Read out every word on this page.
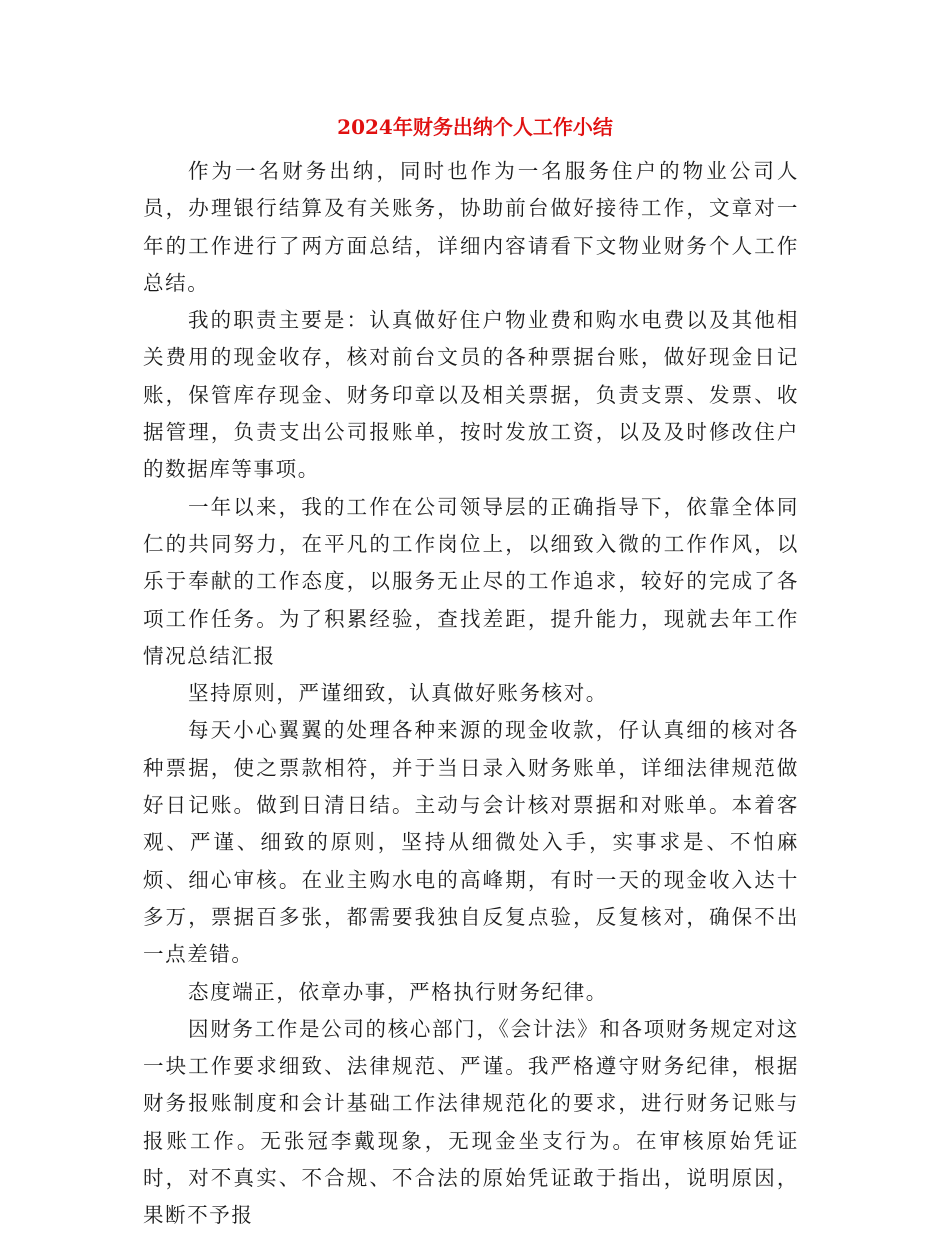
2024年财务出纳个人工作小结

作为一名财务出纳，同时也作为一名服务住户的物业公司人员，办理银行结算及有关账务，协助前台做好接待工作，文章对一年的工作进行了两方面总结，详细内容请看下文物业财务个人工作总结。

我的职责主要是：认真做好住户物业费和购水电费以及其他相关费用的现金收存，核对前台文员的各种票据台账，做好现金日记账，保管库存现金、财务印章以及相关票据，负责支票、发票、收据管理，负责支出公司报账单，按时发放工资，以及及时修改住户的数据库等事项。

一年以来，我的工作在公司领导层的正确指导下，依靠全体同仁的共同努力，在平凡的工作岗位上，以细致入微的工作作风，以乐于奉献的工作态度，以服务无止尽的工作追求，较好的完成了各项工作任务。为了积累经验，查找差距，提升能力，现就去年工作情况总结汇报

坚持原则，严谨细致，认真做好账务核对。

每天小心翼翼的处理各种来源的现金收款，仔认真细的核对各种票据，使之票款相符，并于当日录入财务账单，详细法律规范做好日记账。做到日清日结。主动与会计核对票据和对账单。本着客观、严谨、细致的原则，坚持从细微处入手，实事求是、不怕麻烦、细心审核。在业主购水电的高峰期，有时一天的现金收入达十多万，票据百多张，都需要我独自反复点验，反复核对，确保不出一点差错。

态度端正，依章办事，严格执行财务纪律。

因财务工作是公司的核心部门，《会计法》和各项财务规定对这一块工作要求细致、法律规范、严谨。我严格遵守财务纪律，根据财务报账制度和会计基础工作法律规范化的要求，进行财务记账与报账工作。无张冠李戴现象，无现金坐支行为。在审核原始凭证时，对不真实、不合规、不合法的原始凭证敢于指出，说明原因，果断不予报
